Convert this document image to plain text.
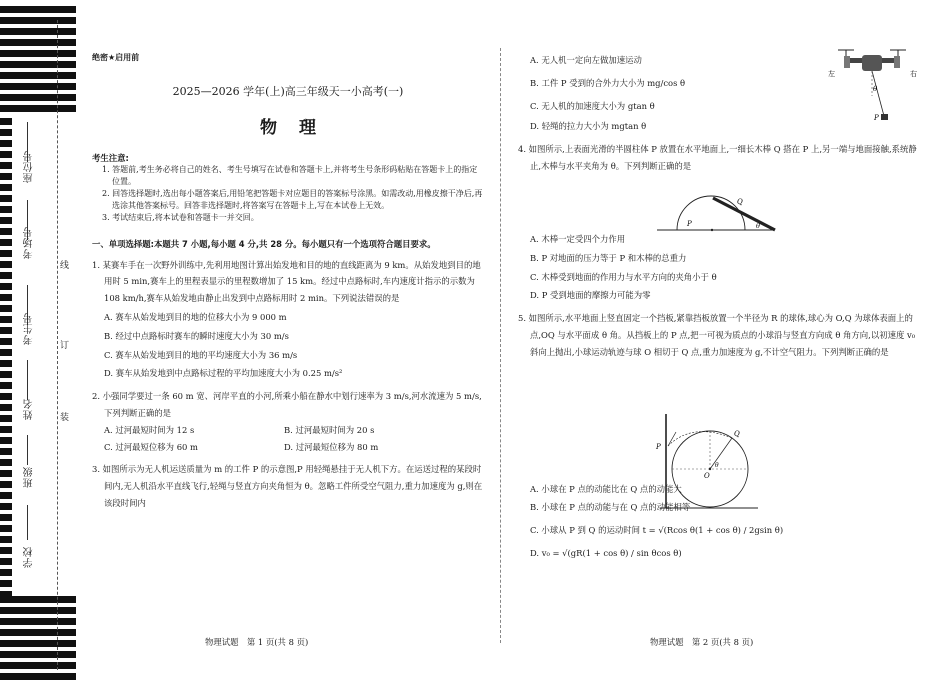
座位号
考场号
考生号
姓名
班级
学校
线
订
装
绝密★启用前
2025—2026 学年(上)高三年级天一小高考(一)
物理
考生注意:
1. 答题前,考生务必将自己的姓名、考生号填写在试卷和答题卡上,并将考生号条形码粘贴在答题卡上的指定位置。
2. 回答选择题时,选出每小题答案后,用铅笔把答题卡对应题目的答案标号涂黑。如需改动,用橡皮擦干净后,再选涂其他答案标号。回答非选择题时,将答案写在答题卡上,写在本试卷上无效。
3. 考试结束后,将本试卷和答题卡一并交回。
一、单项选择题:本题共 7 小题,每小题 4 分,共 28 分。每小题只有一个选项符合题目要求。
1. 某赛车手在一次野外训练中,先利用地图计算出始发地和目的地的直线距离为 9 km。从始发地到目的地用时 5 min,赛车上的里程表显示的里程数增加了 15 km。经过中点路标时,车内速度计指示的示数为 108 km/h,赛车从始发地由静止出发到中点路标用时 2 min。下列说法错误的是
A. 赛车从始发地到目的地的位移大小为 9 000 m
B. 经过中点路标时赛车的瞬时速度大小为 30 m/s
C. 赛车从始发地到目的地的平均速度大小为 36 m/s
D. 赛车从始发地到中点路标过程的平均加速度大小为 0.25 m/s²
2. 小强同学要过一条 60 m 宽、河岸平直的小河,所乘小船在静水中划行速率为 3 m/s,河水流速为 5 m/s,下列判断正确的是
A. 过河最短时间为 12 s	B. 过河最短时间为 20 s
C. 过河最短位移为 60 m	D. 过河最短位移为 80 m
3. 如图所示为无人机运送质量为 m 的工件 P 的示意图,P 用轻绳悬挂于无人机下方。在运送过程的某段时间内,无人机沿水平直线飞行,轻绳与竖直方向夹角恒为 θ。忽略工件所受空气阻力,重力加速度为 g,则在该段时间内
A. 无人机一定向左做加速运动
B. 工件 P 受到的合外力大小为 mg/cos θ
C. 无人机的加速度大小为 gtan θ
D. 轻绳的拉力大小为 mgtan θ
4. 如图所示,上表面光滑的半圆柱体 P 放置在水平地面上,一细长木棒 Q 搭在 P 上,另一端与地面接触,系统静止,木棒与水平夹角为 θ。下列判断正确的是
A. 木棒一定受四个力作用
B. P 对地面的压力等于 P 和木棒的总重力
C. 木棒受到地面的作用力与水平方向的夹角小于 θ
D. P 受到地面的摩擦力可能为零
5. 如图所示,水平地面上竖直固定一个挡板,紧靠挡板放置一个半径为 R 的球体,球心为 O,Q 为球体表面上的点,OQ 与水平面成 θ 角。从挡板上的 P 点,把一可视为质点的小球沿与竖直方向成 θ 角方向,以初速度 v₀ 斜向上抛出,小球运动轨迹与球 O 相切于 Q 点,重力加速度为 g,不计空气阻力。下列判断正确的是
A. 小球在 P 点的动能比在 Q 点的动能大
B. 小球在 P 点的动能与在 Q 点的动能相等
C. 小球从 P 到 Q 的运动时间 t = √(Rcos θ(1 + cos θ) / 2gsin θ)
D. v₀ = √(gR(1 + cos θ) / sin θcos θ)
左	右
θ
P
P
Q
θ
P
Q
O
θ
物理试题　第 1 页(共 8 页)	物理试题　第 2 页(共 8 页)
